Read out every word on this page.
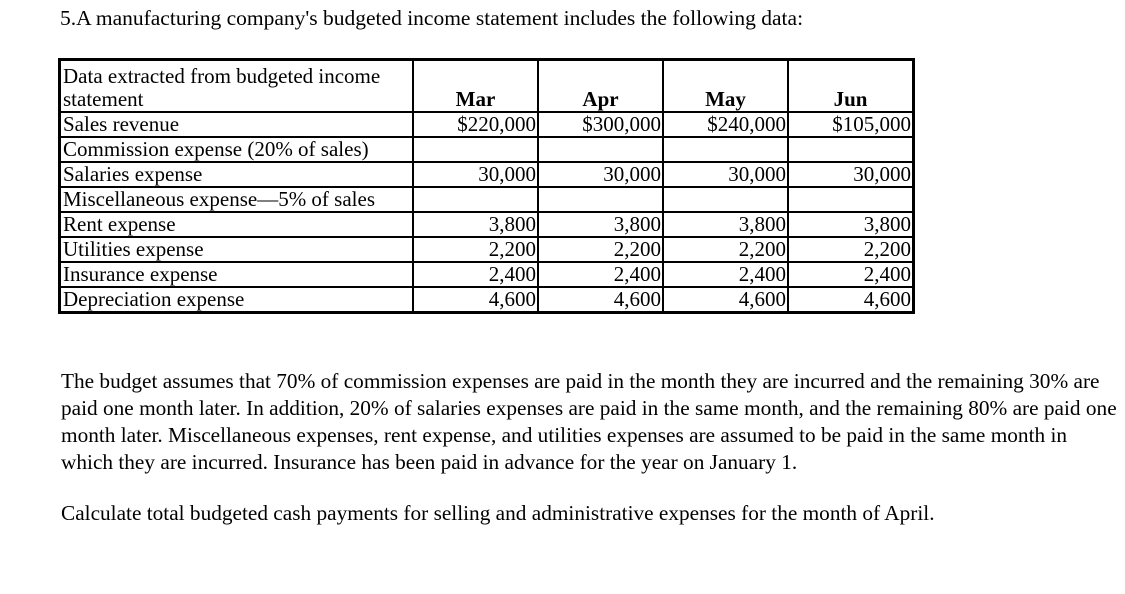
5.A manufacturing company's budgeted income statement includes the following data:
Data extracted from budgeted income statement	Mar	Apr	May	Jun
Sales revenue	$220,000	$300,000	$240,000	$105,000
Commission expense (20% of sales)				
Salaries expense	30,000	30,000	30,000	30,000
Miscellaneous expense—5% of sales				
Rent expense	3,800	3,800	3,800	3,800
Utilities expense	2,200	2,200	2,200	2,200
Insurance expense	2,400	2,400	2,400	2,400
Depreciation expense	4,600	4,600	4,600	4,600
The budget assumes that 70% of commission expenses are paid in the month they are incurred and the remaining 30% are paid one month later. In addition, 20% of salaries expenses are paid in the same month, and the remaining 80% are paid one month later. Miscellaneous expenses, rent expense, and utilities expenses are assumed to be paid in the same month in which they are incurred. Insurance has been paid in advance for the year on January 1.
Calculate total budgeted cash payments for selling and administrative expenses for the month of April.
